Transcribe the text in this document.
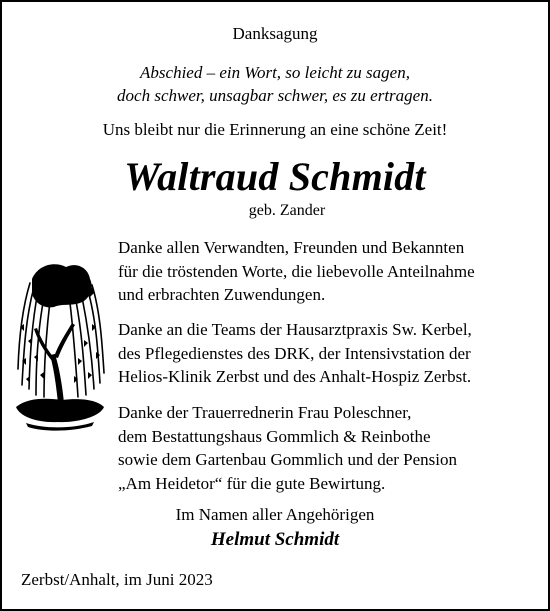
Danksagung
Abschied – ein Wort, so leicht zu sagen,
doch schwer, unsagbar schwer, es zu ertragen.
Uns bleibt nur die Erinnerung an eine schöne Zeit!
Waltraud Schmidt
geb. Zander
Danke allen Verwandten, Freunden und Bekannten
für die tröstenden Worte, die liebevolle Anteilnahme
und erbrachten Zuwendungen.
Danke an die Teams der Hausarztpraxis Sw. Kerbel,
des Pflegedienstes des DRK, der Intensivstation der
Helios-Klinik Zerbst und des Anhalt-Hospiz Zerbst.
Danke der Trauerrednerin Frau Poleschner,
dem Bestattungshaus Gommlich & Reinbothe
sowie dem Gartenbau Gommlich und der Pension
„Am Heidetor“ für die gute Bewirtung.
Im Namen aller Angehörigen
Helmut Schmidt
Zerbst/Anhalt, im Juni 2023
